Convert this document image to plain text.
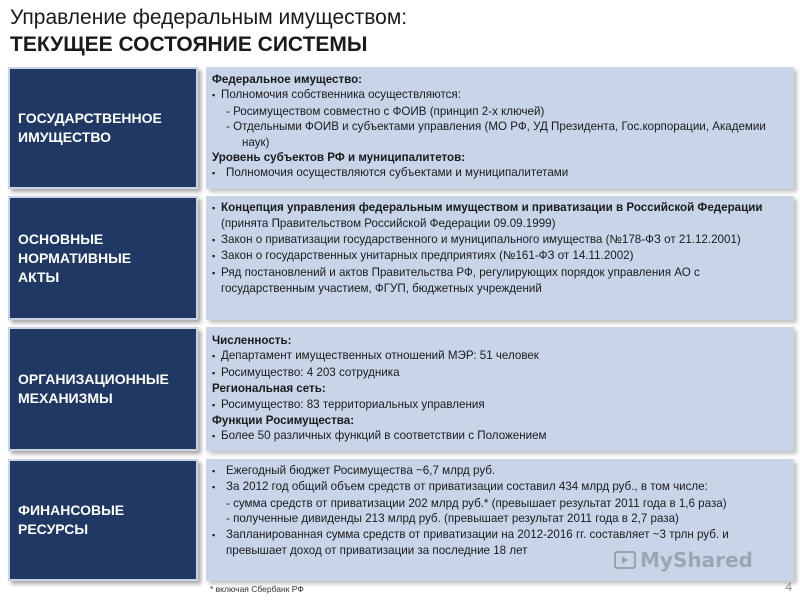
Управление федеральным имуществом:
ТЕКУЩЕЕ СОСТОЯНИЕ СИСТЕМЫ
ГОСУДАРСТВЕННОЕ
ИМУЩЕСТВО

Федеральное имущество:

▪ Полномочия собственника осуществляются:

- Росимуществом совместно с ФОИВ (принцип 2-х ключей)

- Отдельными ФОИВ и субъектами управления (МО РФ, УД Президента, Гос.корпорации, Академии наук)

Уровень субъектов РФ и муниципалитетов:

▪ Полномочия осуществляются субъектами и муниципалитетами

ОСНОВНЫЕ
НОРМАТИВНЫЕ
АКТЫ

▪ Концепция управления федеральным имуществом и приватизации в Российской Федерации (принята Правительством Российской Федерации 09.09.1999)

▪ Закон о приватизации государственного и муниципального имущества (№178-ФЗ от 21.12.2001)

▪ Закон о государственных унитарных предприятиях (№161-ФЗ от 14.11.2002)

▪ Ряд постановлений и актов Правительства РФ, регулирующих порядок управления АО с государственным участием, ФГУП, бюджетных учреждений

ОРГАНИЗАЦИОННЫЕ
МЕХАНИЗМЫ

Численность:

▪ Департамент имущественных отношений МЭР: 51 человек

▪ Росимущество: 4 203 сотрудника

Региональная сеть:

▪ Росимущество: 83 территориальных управления

Функции Росимущества:

▪ Более 50 различных функций в соответствии с Положением

ФИНАНСОВЫЕ
РЕСУРСЫ

▪ Ежегодный бюджет Росимущества ~6,7 млрд руб.

▪ За 2012 год общий объем средств от приватизации составил 434 млрд руб., в том числе:

- сумма средств от приватизации 202 млрд руб.* (превышает результат 2011 года в 1,6 раза)

- полученные дивиденды 213 млрд руб. (превышает результат 2011 года в 2,7 раза)

▪ Запланированная сумма средств от приватизации на 2012-2016 гг. составляет ~3 трлн руб. и превышает доход от приватизации за последние 18 лет	MyShared
* включая Сбербанк РФ	4
